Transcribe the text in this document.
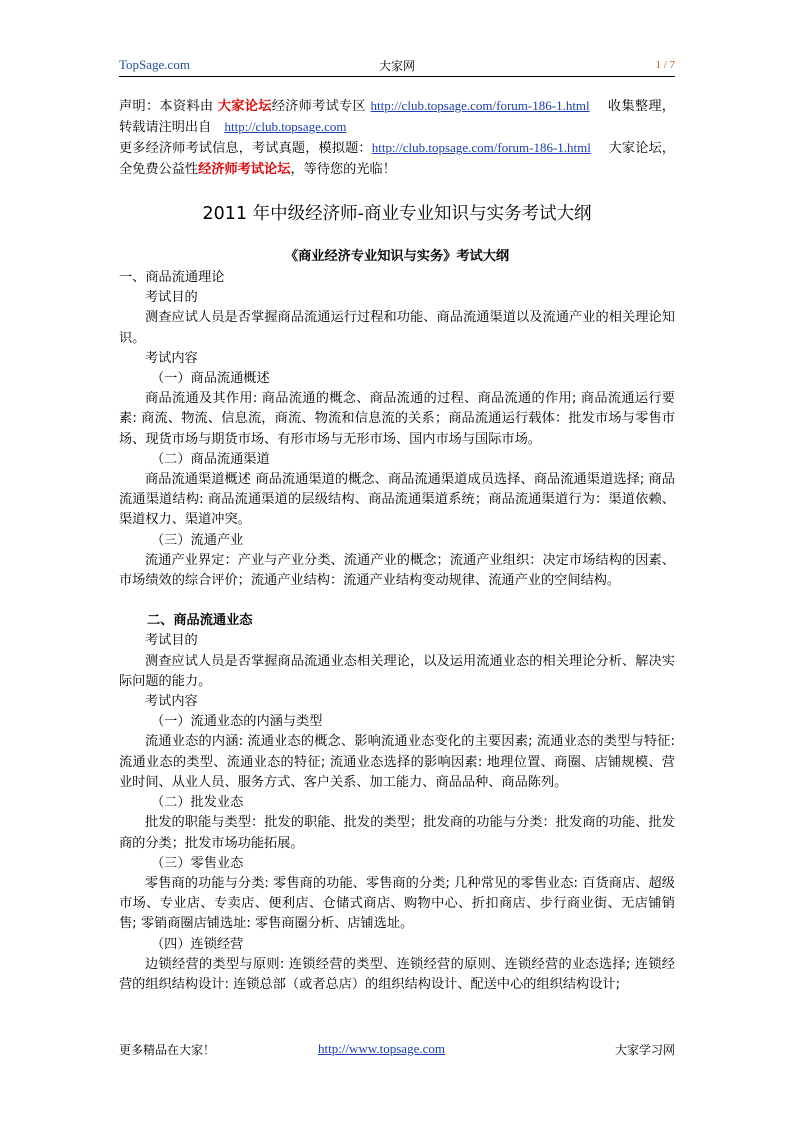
TopSage.com	大家网	1 / 7

声明：本资料由 大家论坛经济师考试专区 http://club.topsage.com/forum-186-1.html　 收集整理，转载请注明出自　http://club.topsage.com

更多经济师考试信息，考试真题，模拟题：http://club.topsage.com/forum-186-1.html　 大家论坛，全免费公益性经济师考试论坛，等待您的光临！

2011 年中级经济师-商业专业知识与实务考试大纲

《商业经济专业知识与实务》考试大纲

一、商品流通理论

考试目的

测查应试人员是否掌握商品流通运行过程和功能、商品流通渠道以及流通产业的相关理论知识。

考试内容

（一）商品流通概述

商品流通及其作用: 商品流通的概念、商品流通的过程、商品流通的作用; 商品流通运行要素: 商流、物流、信息流，商流、物流和信息流的关系；商品流通运行载体：批发市场与零售市场、现货市场与期货市场、有形市场与无形市场、国内市场与国际市场。

（二）商品流通渠道

商品流通渠道概述 商品流通渠道的概念、商品流通渠道成员选择、商品流通渠道选择; 商品流通渠道结构: 商品流通渠道的层级结构、商品流通渠道系统；商品流通渠道行为：渠道依赖、渠道权力、渠道冲突。

（三）流通产业

流通产业界定：产业与产业分类、流通产业的概念；流通产业组织：决定市场结构的因素、市场绩效的综合评价；流通产业结构：流通产业结构变动规律、流通产业的空间结构。

二、商品流通业态

考试目的

测查应试人员是否掌握商品流通业态相关理论，以及运用流通业态的相关理论分析、解决实际问题的能力。

考试内容

（一）流通业态的内涵与类型

流通业态的内涵: 流通业态的概念、影响流通业态变化的主要因素; 流通业态的类型与特征: 流通业态的类型、流通业态的特征; 流通业态选择的影响因素: 地理位置、商圈、店铺规模、营业时间、从业人员、服务方式、客户关系、加工能力、商品品种、商品陈列。

（二）批发业态

批发的职能与类型：批发的职能、批发的类型；批发商的功能与分类：批发商的功能、批发商的分类；批发市场功能拓展。

（三）零售业态

零售商的功能与分类: 零售商的功能、零售商的分类; 几种常见的零售业态: 百货商店、超级市场、专业店、专卖店、便利店、仓储式商店、购物中心、折扣商店、步行商业街、无店铺销售; 零销商圈店铺选址: 零售商圈分析、店铺选址。

（四）连锁经营

边锁经营的类型与原则: 连锁经营的类型、连锁经营的原则、连锁经营的业态选择; 连锁经营的组织结构设计: 连锁总部（或者总店）的组织结构设计、配送中心的组织结构设计;

更多精品在大家！	http://www.topsage.com	大家学习网
